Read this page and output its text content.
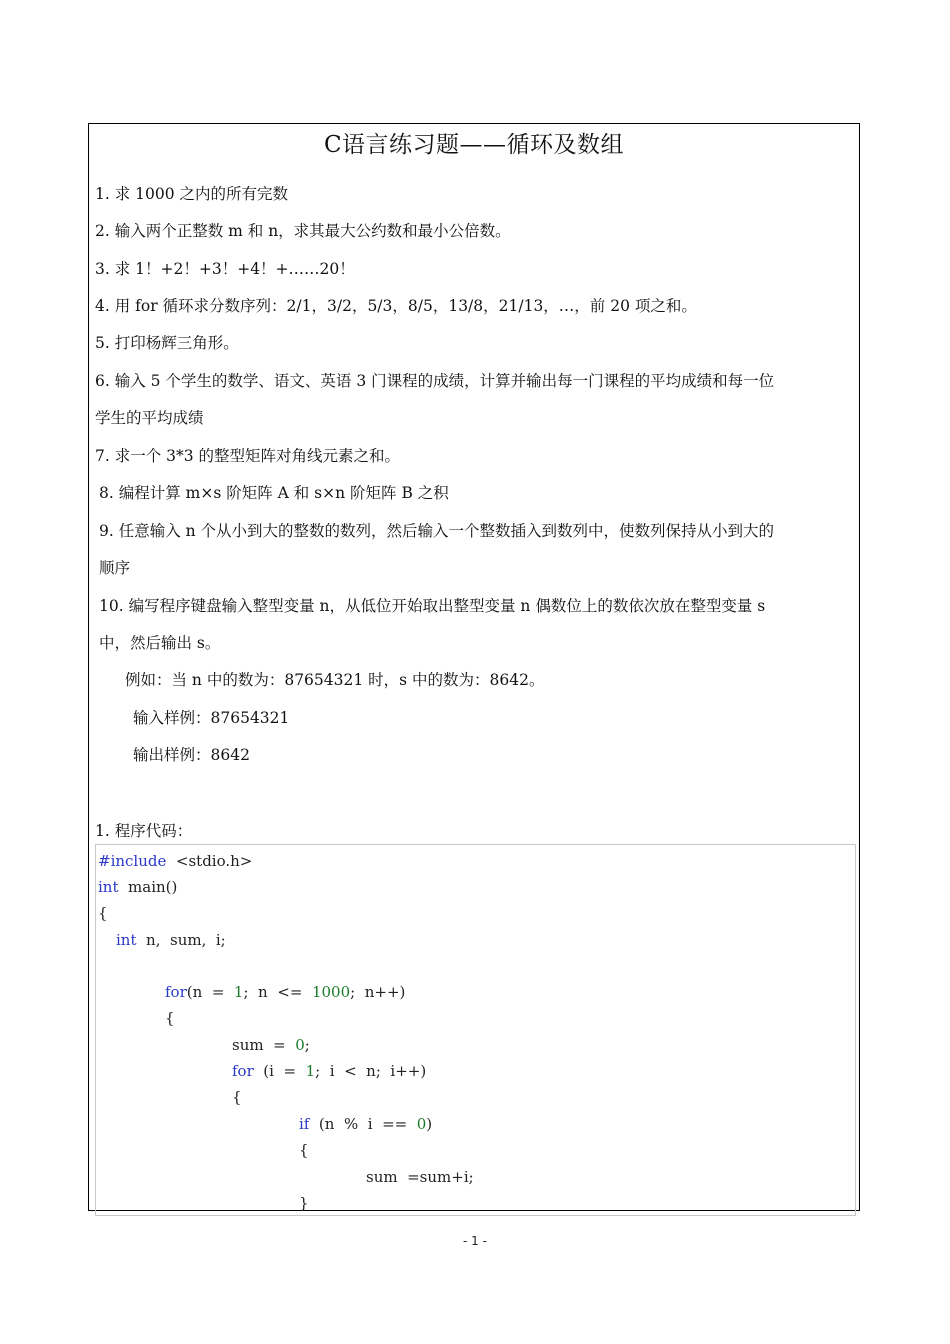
C语言练习题——循环及数组
1. 求 1000 之内的所有完数
2. 输入两个正整数 m 和 n，求其最大公约数和最小公倍数。
3. 求 1！+2！+3！+4！+……20！
4. 用 for 循环求分数序列：2/1，3/2，5/3，8/5，13/8，21/13，…，前 20 项之和。
5. 打印杨辉三角形。
6. 输入 5 个学生的数学、语文、英语 3 门课程的成绩，计算并输出每一门课程的平均成绩和每一位
学生的平均成绩
7. 求一个 3*3 的整型矩阵对角线元素之和。
8. 编程计算 m×s 阶矩阵 A 和 s×n 阶矩阵 B 之积
9. 任意输入 n 个从小到大的整数的数列，然后输入一个整数插入到数列中，使数列保持从小到大的
顺序
10. 编写程序键盘输入整型变量 n，从低位开始取出整型变量 n 偶数位上的数依次放在整型变量 s
中，然后输出 s。
例如：当 n 中的数为：87654321 时，s 中的数为：8642。
输入样例：87654321
输出样例：8642
1. 程序代码：
#include  <stdio.h>
int  main()
{
int  n,  sum,  i;
for(n  =  1;  n  <=  1000;  n++)
{
sum  =  0;
for  (i  =  1;  i  <  n;  i++)
{
if  (n  %  i  ==  0)
{
sum  =sum+i;
}
- 1 -
